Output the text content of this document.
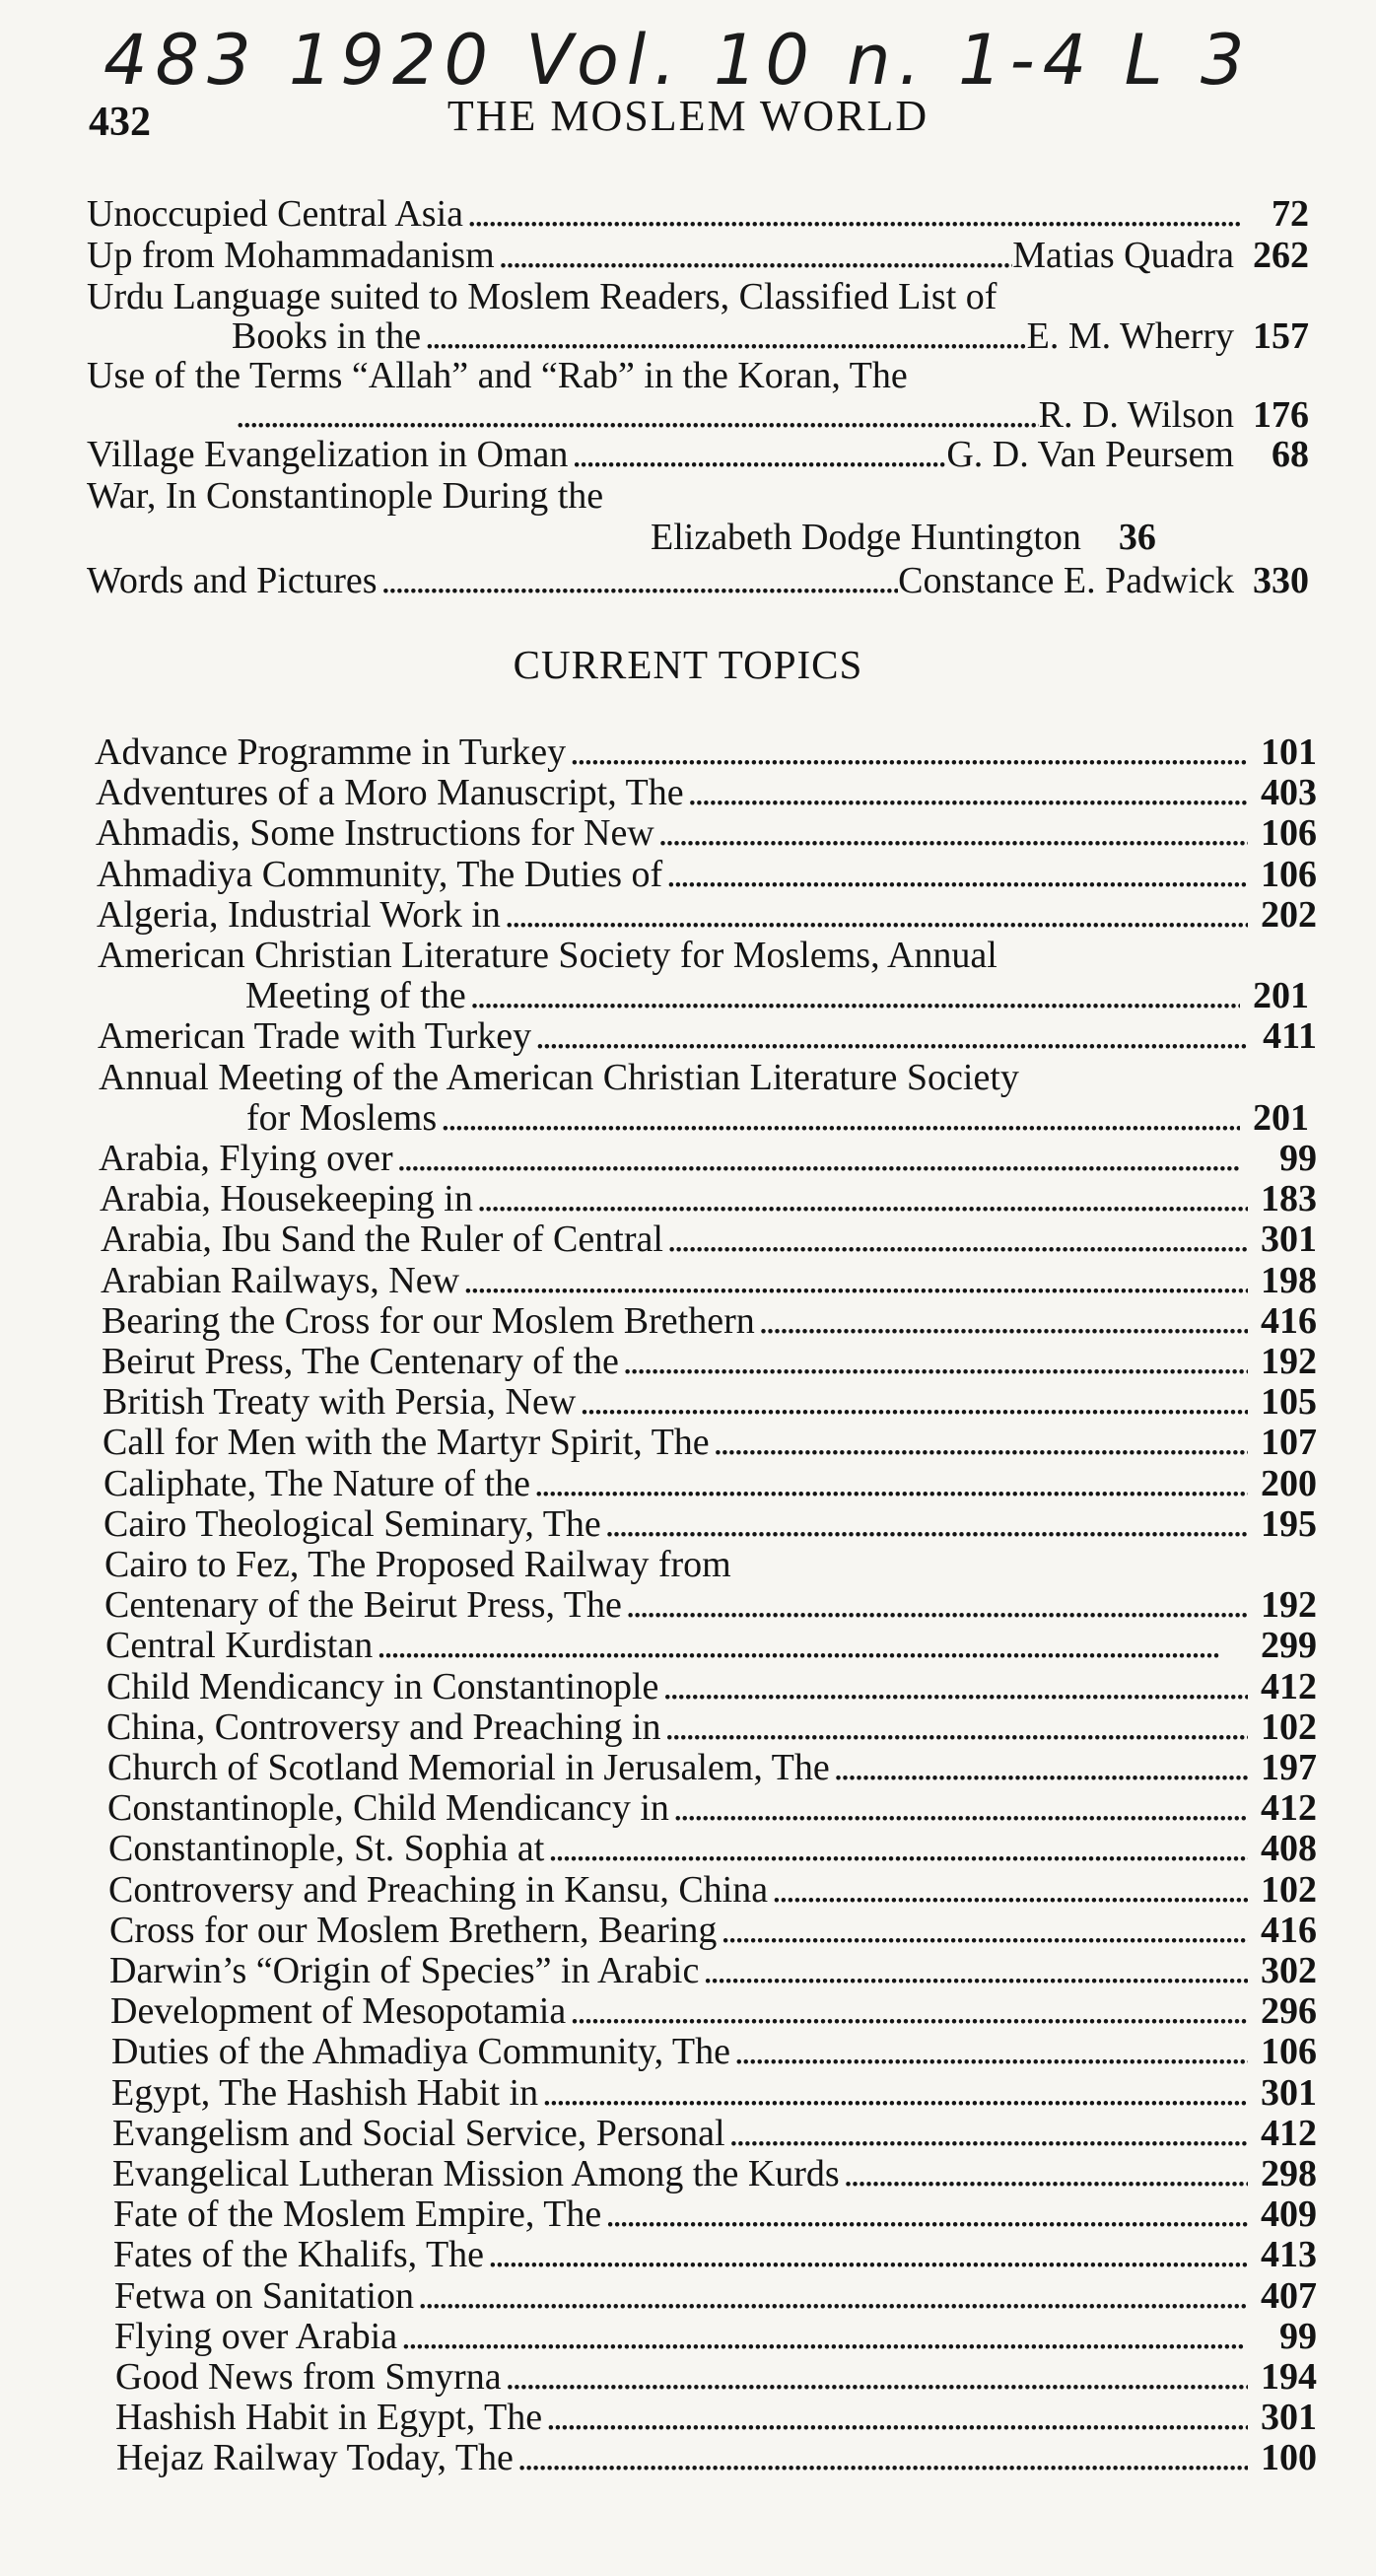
483 1920 Vol. 10 n. 1-4 L 3
432	THE MOSLEM WORLD
Unoccupied Central Asia . . .	72
Up from Mohammadanism . . .	Matias Quadra 262
Urdu Language suited to Moslem Readers, Classified List of
Books in the . . .	E. M. Wherry 157
Use of the Terms “Allah” and “Rab” in the Koran, The
. . .
R. D. Wilson 176
Village Evangelization in Oman . . .	G. D. Van Peursem	68
War, In Constantinople During the
Elizabeth Dodge Huntington	36
Words and Pictures . . .	Constance E. Padwick 330
CURRENT TOPICS
Advance Programme in Turkey . . .	101
Adventures of a Moro Manuscript, The . . .	403
Ahmadis, Some Instructions for New . . .	106
Ahmadiya Community, The Duties of . . .	106
Algeria, Industrial Work in . . .	202
American Christian Literature Society for Moslems, Annual
Meeting of the . . .	201
American Trade with Turkey . . .	411
Annual Meeting of the American Christian Literature Society
for Moslems . . .	201
Arabia, Flying over . . .	99
Arabia, Housekeeping in . . .	183
Arabia, Ibu Sand the Ruler of Central . . .	301
Arabian Railways, New . . .	198
Bearing the Cross for our Moslem Brethern . . .	416
Beirut Press, The Centenary of the . . .	192
British Treaty with Persia, New . . .	105
Call for Men with the Martyr Spirit, The . . .	107
Caliphate, The Nature of the . . .	200
Cairo Theological Seminary, The . . .	195
Cairo to Fez, The Proposed Railway from
Centenary of the Beirut Press, The . . .	192
Central Kurdistan . . .	299
Child Mendicancy in Constantinople . . .	412
China, Controversy and Preaching in . . .	102
Church of Scotland Memorial in Jerusalem, The . . .	197
Constantinople, Child Mendicancy in . . .	412
Constantinople, St. Sophia at . . .	408
Controversy and Preaching in Kansu, China . . .	102
Cross for our Moslem Brethern, Bearing . . .	416
Darwin’s “Origin of Species” in Arabic . . .	302
Development of Mesopotamia . . .	296
Duties of the Ahmadiya Community, The . . .	106
Egypt, The Hashish Habit in . . .	301
Evangelism and Social Service, Personal . . .	412
Evangelical Lutheran Mission Among the Kurds . . .	298
Fate of the Moslem Empire, The . . .	409
Fates of the Khalifs, The . . .	413
Fetwa on Sanitation . . .	407
Flying over Arabia . . .	99
Good News from Smyrna . . .	194
Hashish Habit in Egypt, The . . .	301
Hejaz Railway Today, The . . .	100
